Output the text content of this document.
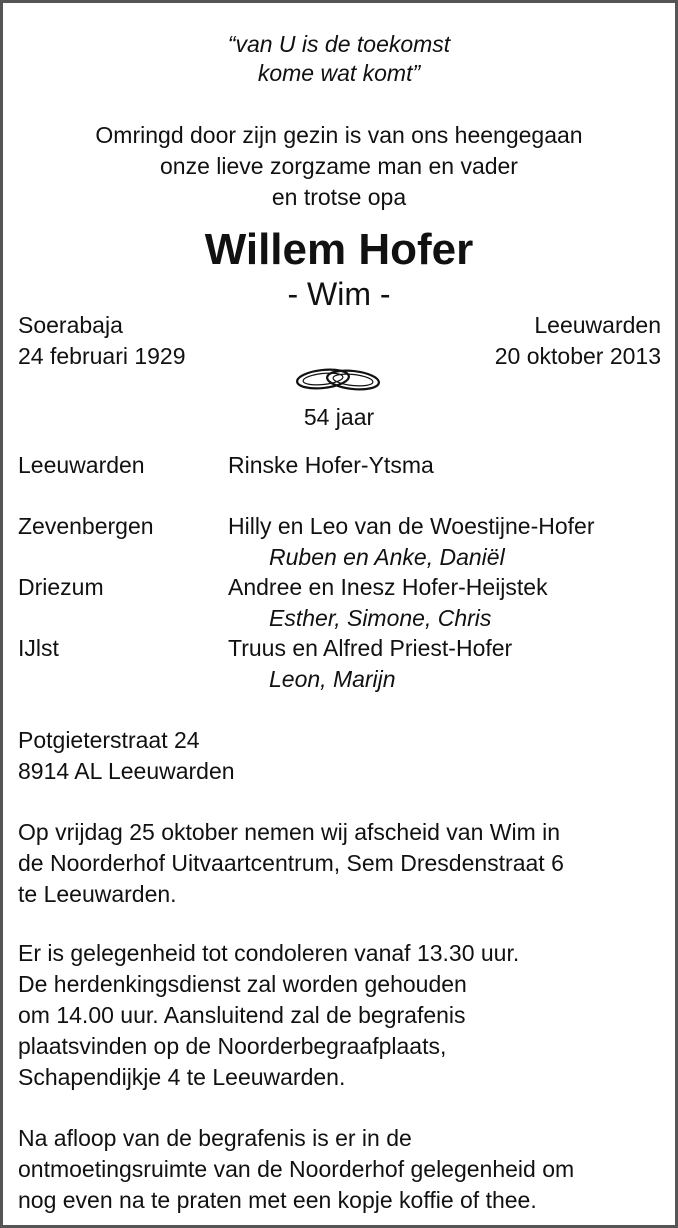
“van U is de toekomst
kome wat komt”
Omringd door zijn gezin is van ons heengegaan
onze lieve zorgzame man en vader
en trotse opa
Willem Hofer
- Wim -
Soerabaja
24 februari 1929
Leeuwarden
20 oktober 2013
54 jaar
Leeuwarden	Rinske Hofer-Ytsma
Zevenbergen	Hilly en Leo van de Woestijne-Hofer
Ruben en Anke, Daniël
Driezum	Andree en Inesz Hofer-Heijstek
Esther, Simone, Chris
IJlst	Truus en Alfred Priest-Hofer
Leon, Marijn
Potgieterstraat 24
8914 AL Leeuwarden
Op vrijdag 25 oktober nemen wij afscheid van Wim in
de Noorderhof Uitvaartcentrum, Sem Dresdenstraat 6
te Leeuwarden.
Er is gelegenheid tot condoleren vanaf 13.30 uur.
De herdenkingsdienst zal worden gehouden
om 14.00 uur. Aansluitend zal de begrafenis
plaatsvinden op de Noorderbegraafplaats,
Schapendijkje 4 te Leeuwarden.
Na afloop van de begrafenis is er in de
ontmoetingsruimte van de Noorderhof gelegenheid om
nog even na te praten met een kopje koffie of thee.
